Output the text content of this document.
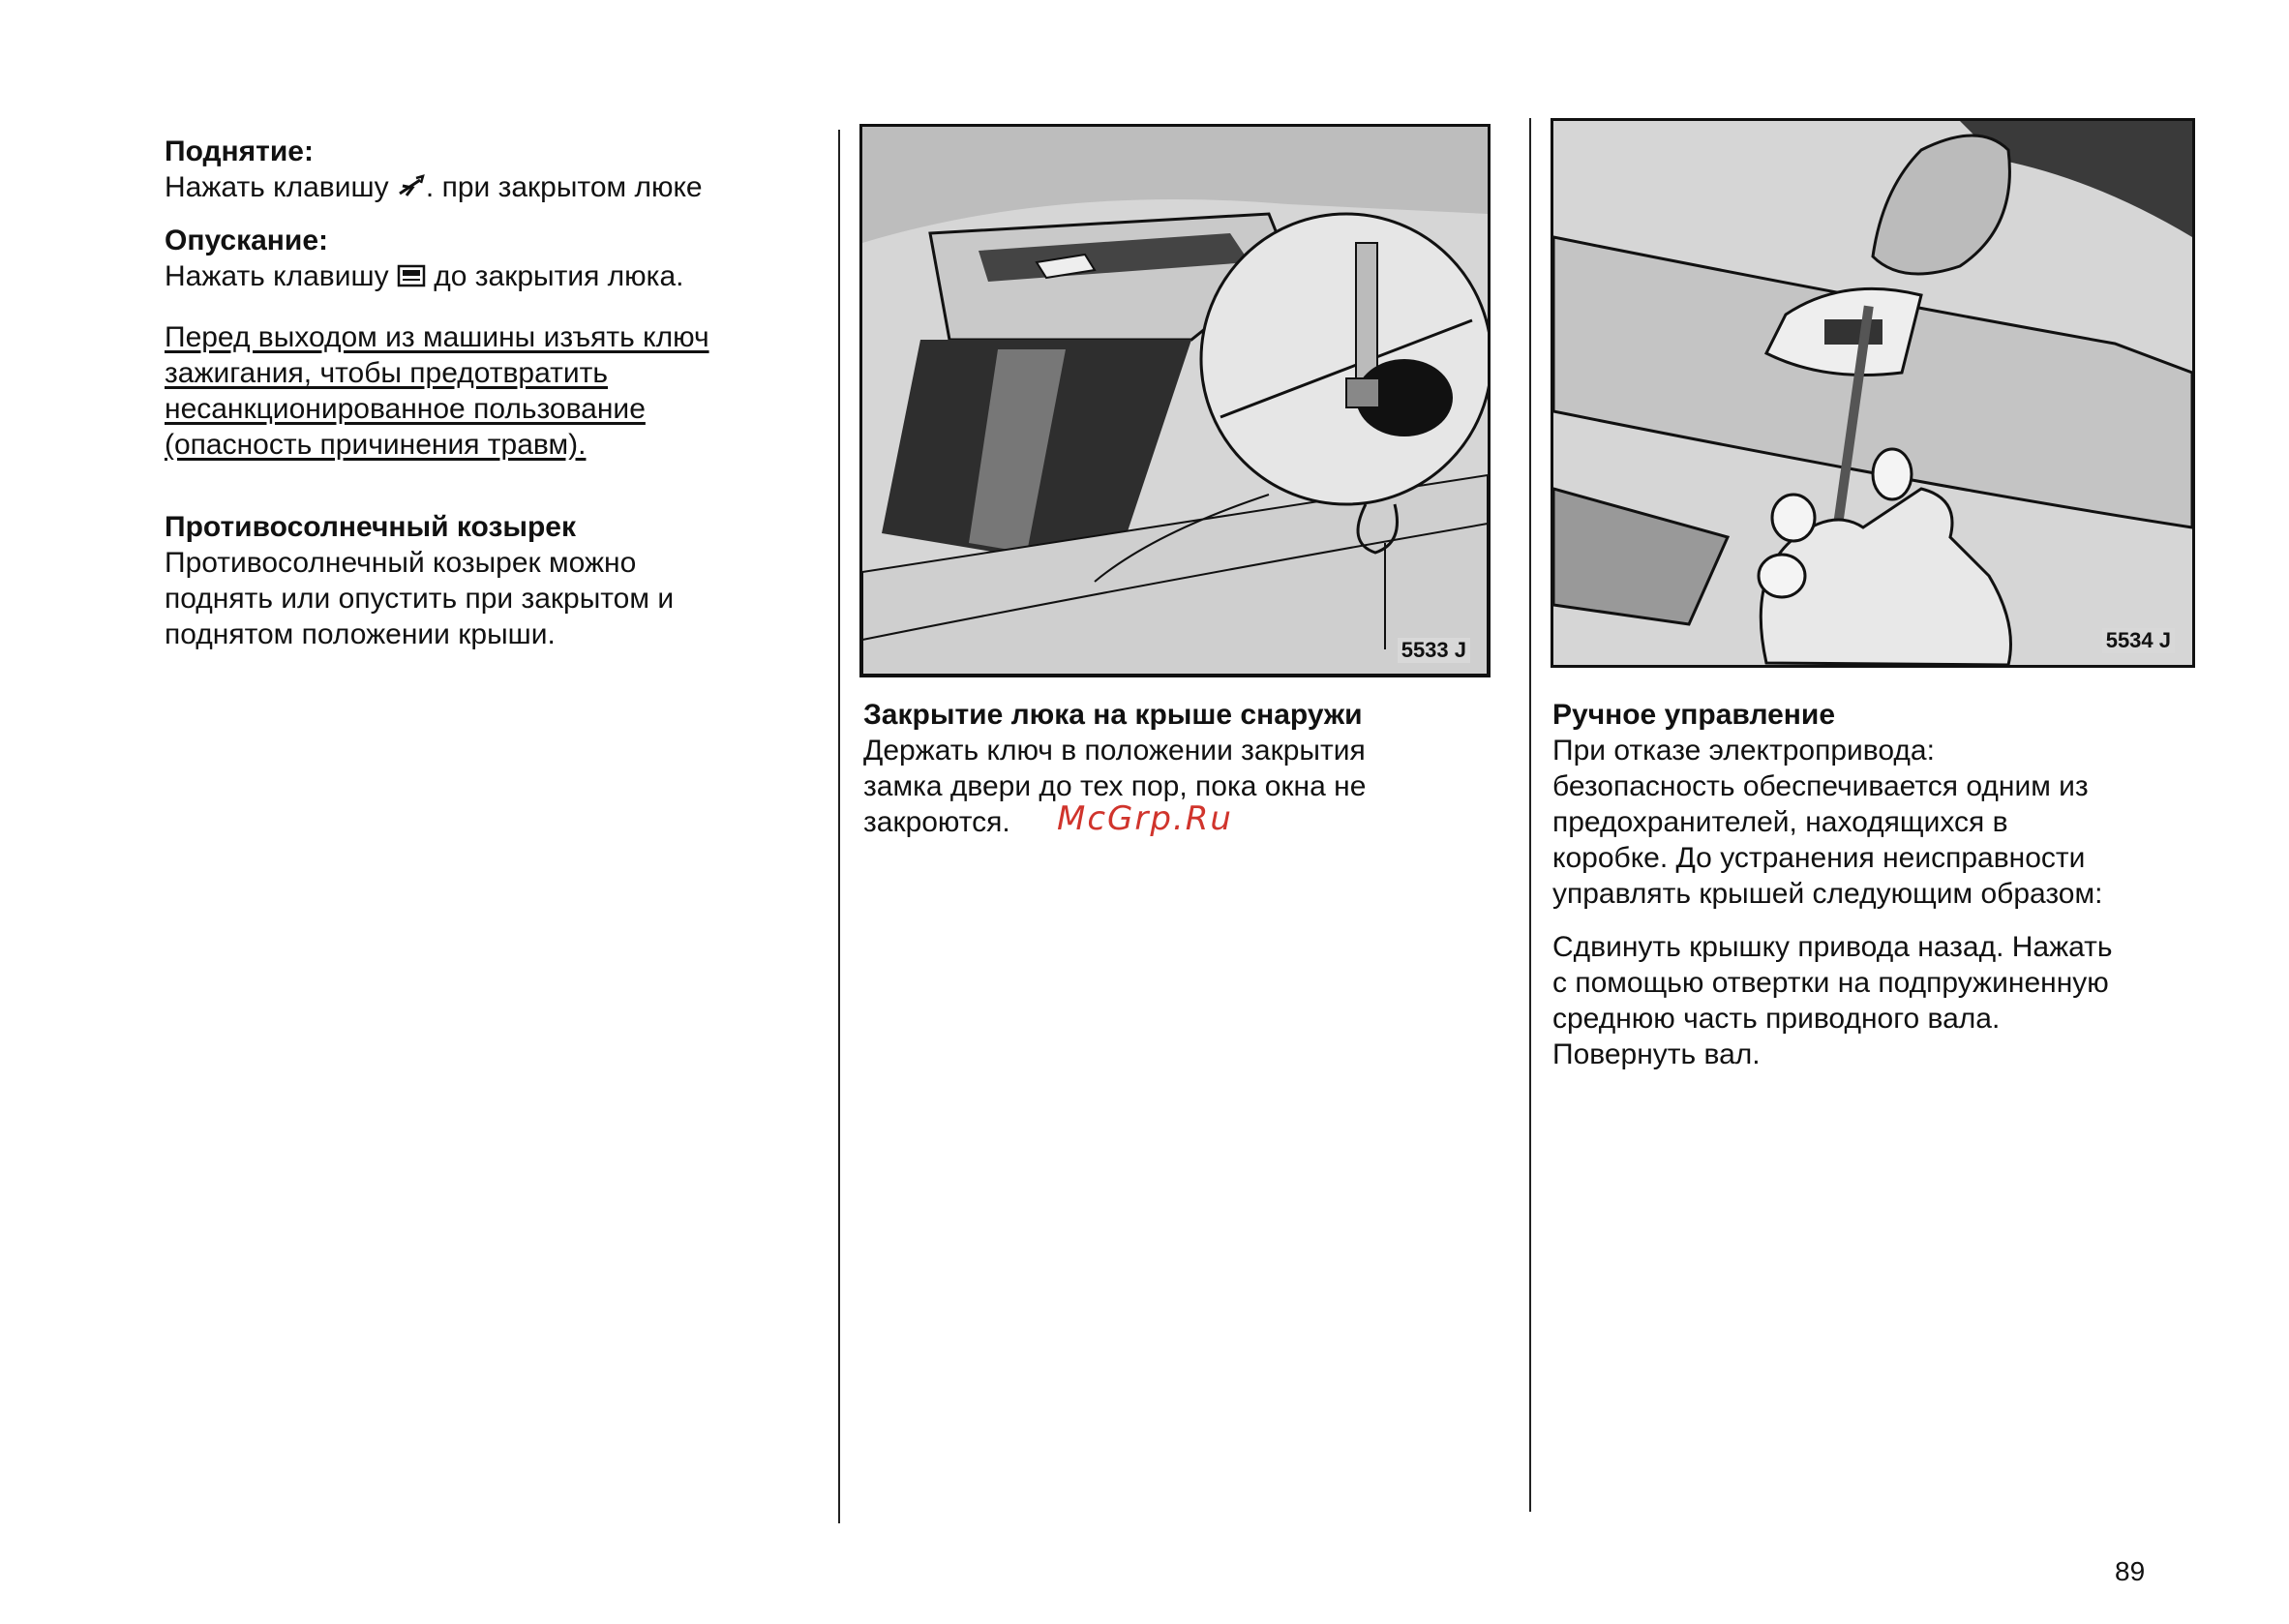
Поднятие:

Нажать клавишу . при закрытом люке

Опускание:

Нажать клавишу  до закрытия люка.

Перед выходом из машины изъять ключ

зажигания, чтобы предотвратить

несанкционированное пользование

(опасность причинения травм).

Противосолнечный козырек

Противосолнечный козырек можно

поднять или опустить при закрытом и

поднятом положении крыши.	5533 J	5534 J

Закрытие люка на крыше снаружи

Держать ключ в положении закрытия

замка двери до тех пор, пока окна не

закроются.

Ручное управление

При отказе электропривода:

безопасность обеспечивается одним из

предохранителей, находящихся в

коробке. До устранения неисправности

управлять крышей следующим образом:

Сдвинуть крышку привода назад. Нажать

с помощью отвертки на подпружиненную

среднюю часть приводного вала.

Повернуть вал.

McGrp.Ru
89
